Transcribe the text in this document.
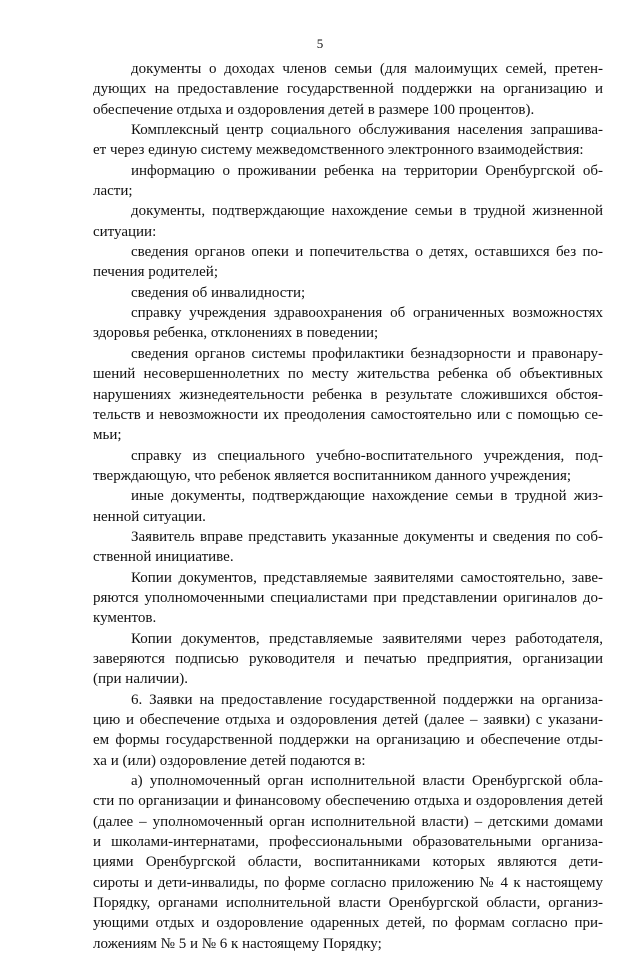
5
документы о доходах членов семьи (для малоимущих семей, претен-
дующих на предоставление государственной поддержки на организацию и
обеспечение отдыха и оздоровления детей в размере 100 процентов).
Комплексный центр социального обслуживания населения запрашива-
ет через единую систему межведомственного электронного взаимодействия:
информацию о проживании ребенка на территории Оренбургской об-
ласти;
документы, подтверждающие нахождение семьи в трудной жизненной
ситуации:
сведения органов опеки и попечительства о детях, оставшихся без по-
печения родителей;
сведения об инвалидности;
справку учреждения здравоохранения об ограниченных возможностях
здоровья ребенка, отклонениях в поведении;
сведения органов системы профилактики безнадзорности и правонару-
шений несовершеннолетних по месту жительства ребенка об объективных
нарушениях жизнедеятельности ребенка в результате сложившихся обстоя-
тельств и невозможности их преодоления самостоятельно или с помощью се-
мьи;
справку из специального учебно-воспитательного учреждения, под-
тверждающую, что ребенок является воспитанником данного учреждения;
иные документы, подтверждающие нахождение семьи в трудной жиз-
ненной ситуации.
Заявитель вправе представить указанные документы и сведения по соб-
ственной инициативе.
Копии документов, представляемые заявителями самостоятельно, заве-
ряются уполномоченными специалистами при представлении оригиналов до-
кументов.
Копии документов, представляемые заявителями через работодателя,
заверяются подписью руководителя и печатью предприятия, организации
(при наличии).
6. Заявки на предоставление государственной поддержки на организа-
цию и обеспечение отдыха и оздоровления детей (далее – заявки) с указани-
ем формы государственной поддержки на организацию и обеспечение отды-
ха и (или) оздоровление детей подаются в:
а) уполномоченный орган исполнительной власти Оренбургской обла-
сти по организации и финансовому обеспечению отдыха и оздоровления детей
(далее – уполномоченный орган исполнительной власти) – детскими домами
и школами-интернатами, профессиональными образовательными организа-
циями Оренбургской области, воспитанниками которых являются дети-
сироты и дети-инвалиды, по форме согласно приложению № 4 к настоящему
Порядку, органами исполнительной власти Оренбургской области, организ-
ующими отдых и оздоровление одаренных детей, по формам согласно при-
ложениям № 5 и № 6 к настоящему Порядку;
